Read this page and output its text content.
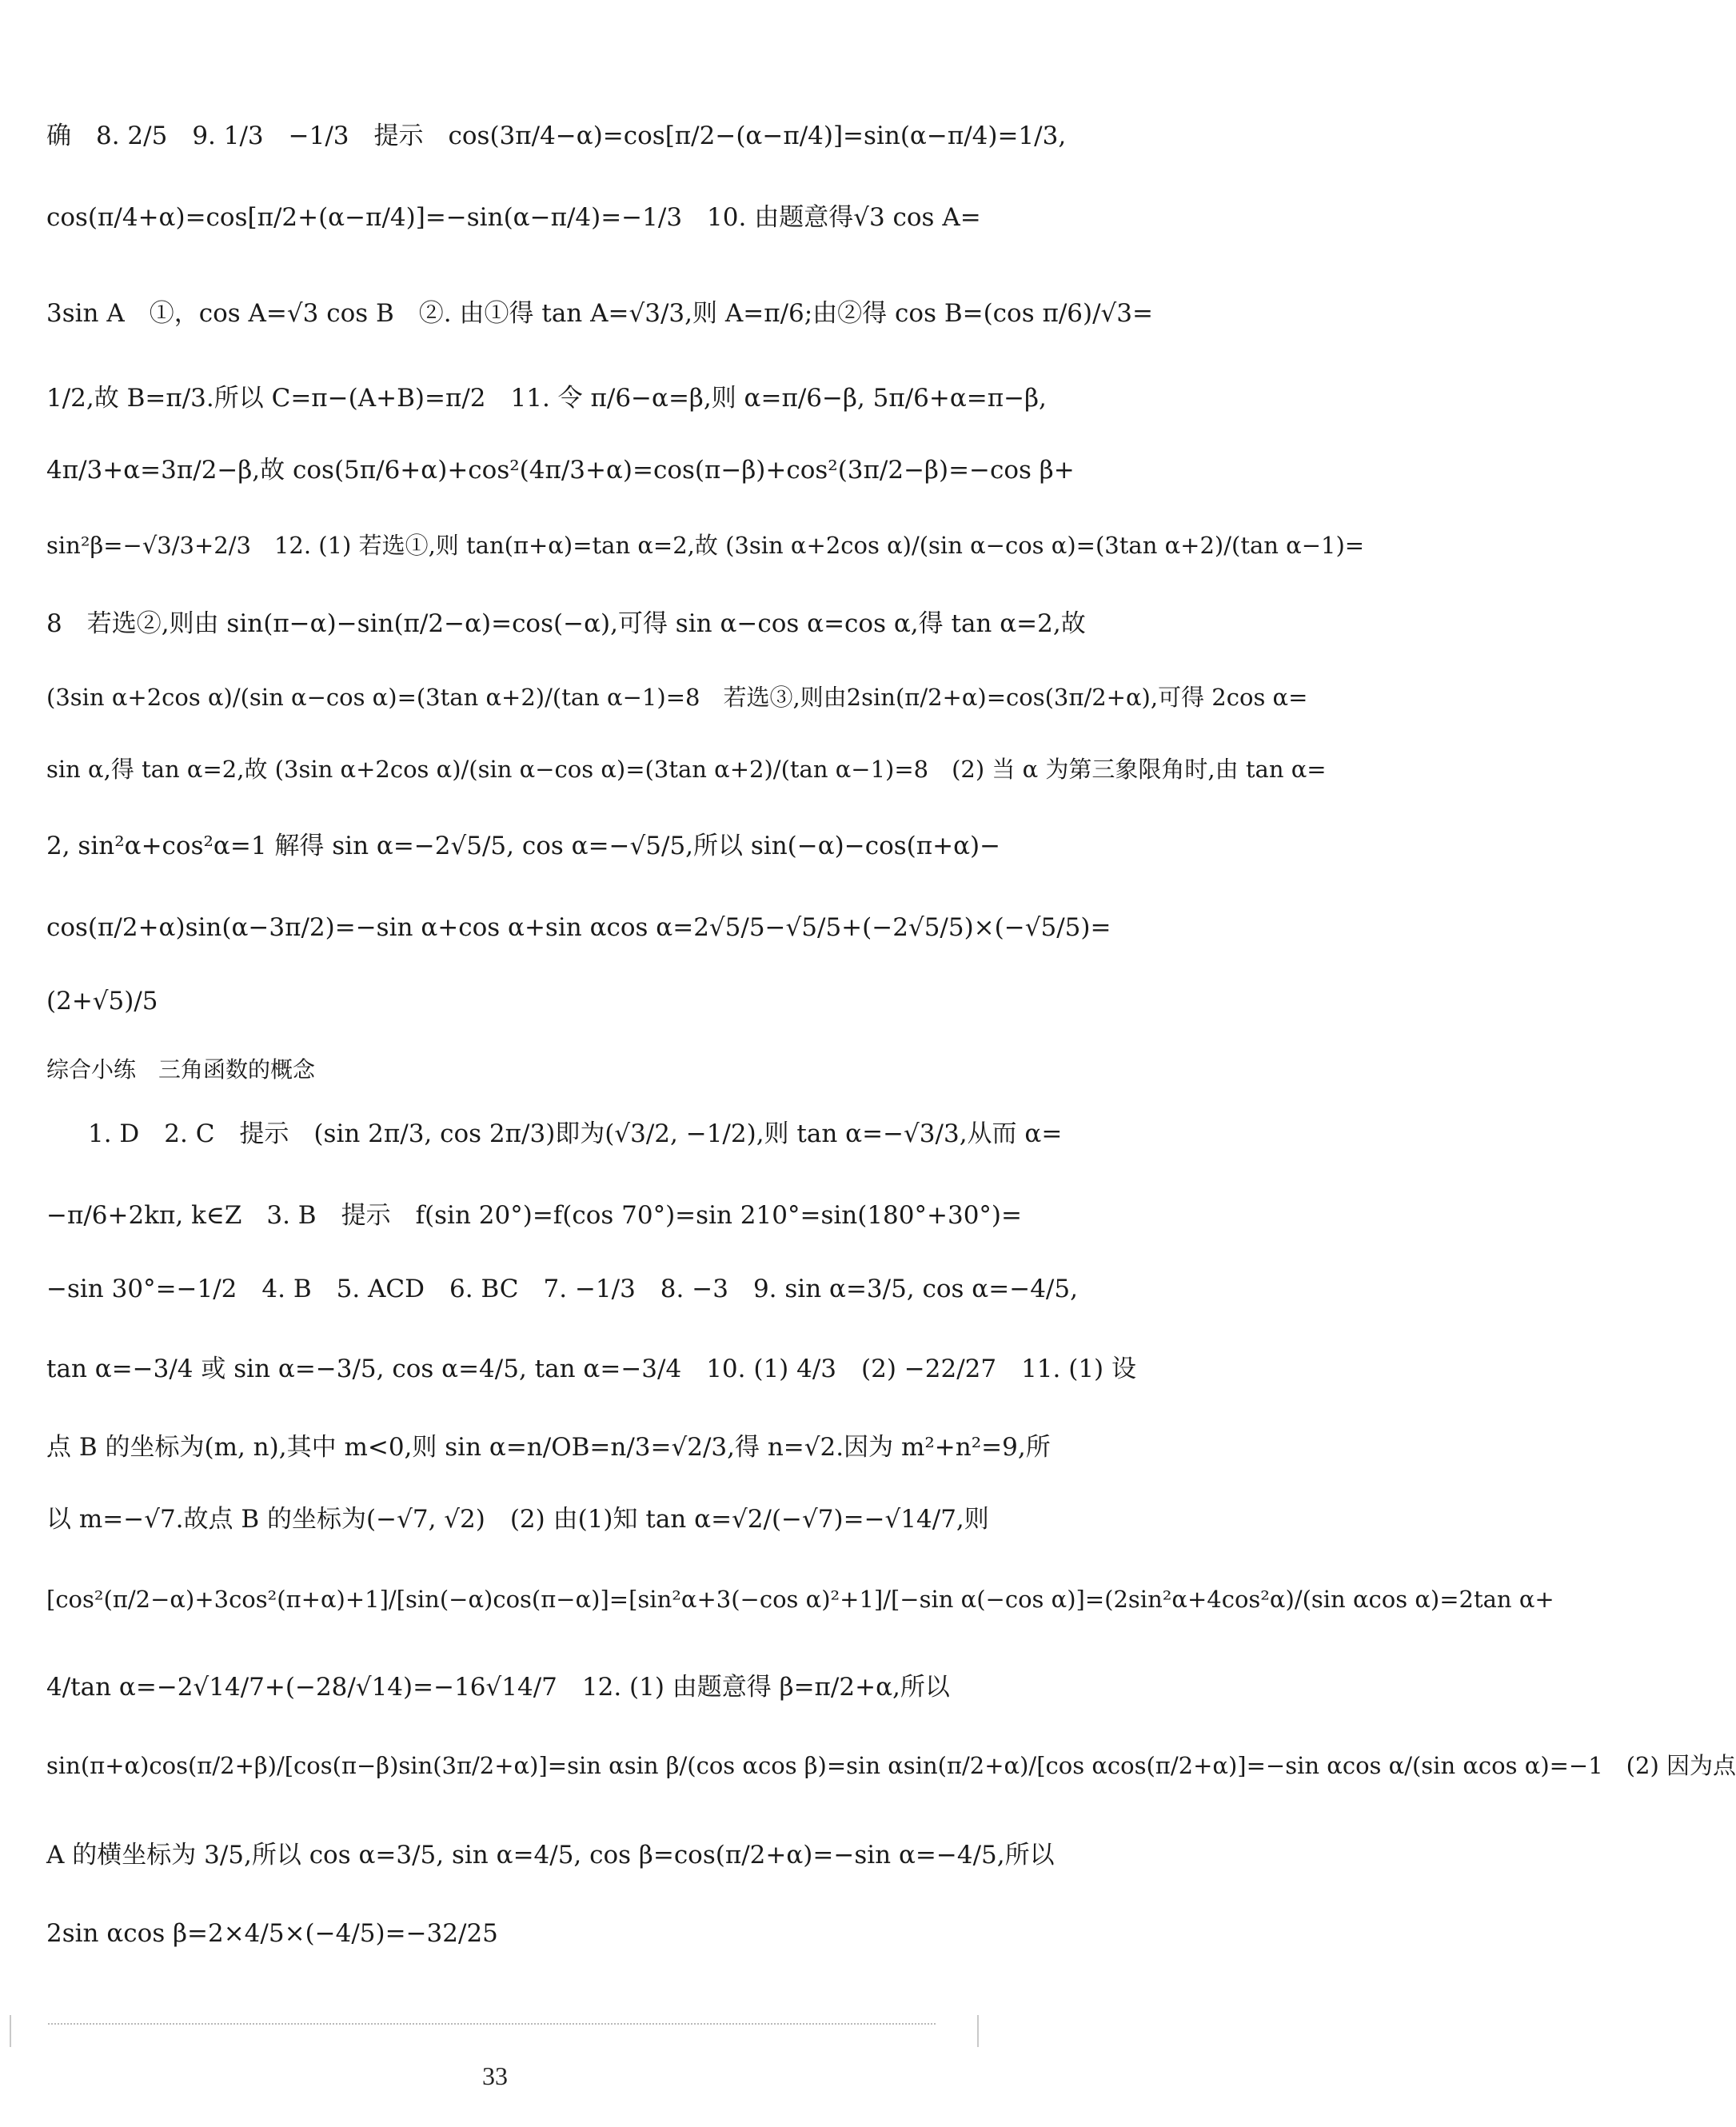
确　8. 2/5　9. 1/3　−1/3　提示　cos(3π/4−α)=cos[π/2−(α−π/4)]=sin(α−π/4)=1/3,
cos(π/4+α)=cos[π/2+(α−π/4)]=−sin(α−π/4)=−1/3　10. 由题意得√3 cos A=
3sin A　①，cos A=√3 cos B　②. 由①得 tan A=√3/3,则 A=π/6;由②得 cos B=(cos π/6)/√3=
1/2,故 B=π/3.所以 C=π−(A+B)=π/2　11. 令 π/6−α=β,则 α=π/6−β, 5π/6+α=π−β,
4π/3+α=3π/2−β,故 cos(5π/6+α)+cos²(4π/3+α)=cos(π−β)+cos²(3π/2−β)=−cos β+
sin²β=−√3/3+2/3　12. (1) 若选①,则 tan(π+α)=tan α=2,故 (3sin α+2cos α)/(sin α−cos α)=(3tan α+2)/(tan α−1)=
8　若选②,则由 sin(π−α)−sin(π/2−α)=cos(−α),可得 sin α−cos α=cos α,得 tan α=2,故
(3sin α+2cos α)/(sin α−cos α)=(3tan α+2)/(tan α−1)=8　若选③,则由2sin(π/2+α)=cos(3π/2+α),可得 2cos α=
sin α,得 tan α=2,故 (3sin α+2cos α)/(sin α−cos α)=(3tan α+2)/(tan α−1)=8　(2) 当 α 为第三象限角时,由 tan α=
2, sin²α+cos²α=1 解得 sin α=−2√5/5, cos α=−√5/5,所以 sin(−α)−cos(π+α)−
cos(π/2+α)sin(α−3π/2)=−sin α+cos α+sin αcos α=2√5/5−√5/5+(−2√5/5)×(−√5/5)=
(2+√5)/5
综合小练　三角函数的概念
1. D　2. C　提示　(sin 2π/3, cos 2π/3)即为(√3/2, −1/2),则 tan α=−√3/3,从而 α=
−π/6+2kπ, k∈Z　3. B　提示　f(sin 20°)=f(cos 70°)=sin 210°=sin(180°+30°)=
−sin 30°=−1/2　4. B　5. ACD　6. BC　7. −1/3　8. −3　9. sin α=3/5, cos α=−4/5,
tan α=−3/4 或 sin α=−3/5, cos α=4/5, tan α=−3/4　10. (1) 4/3　(2) −22/27　11. (1) 设
点 B 的坐标为(m, n),其中 m<0,则 sin α=n/OB=n/3=√2/3,得 n=√2.因为 m²+n²=9,所
以 m=−√7.故点 B 的坐标为(−√7, √2)　(2) 由(1)知 tan α=√2/(−√7)=−√14/7,则
[cos²(π/2−α)+3cos²(π+α)+1]/[sin(−α)cos(π−α)]=[sin²α+3(−cos α)²+1]/[−sin α(−cos α)]=(2sin²α+4cos²α)/(sin αcos α)=2tan α+
4/tan α=−2√14/7+(−28/√14)=−16√14/7　12. (1) 由题意得 β=π/2+α,所以
sin(π+α)cos(π/2+β)/[cos(π−β)sin(3π/2+α)]=sin αsin β/(cos αcos β)=sin αsin(π/2+α)/[cos αcos(π/2+α)]=−sin αcos α/(sin αcos α)=−1　(2) 因为点
A 的横坐标为 3/5,所以 cos α=3/5, sin α=4/5, cos β=cos(π/2+α)=−sin α=−4/5,所以
2sin αcos β=2×4/5×(−4/5)=−32/25
33
